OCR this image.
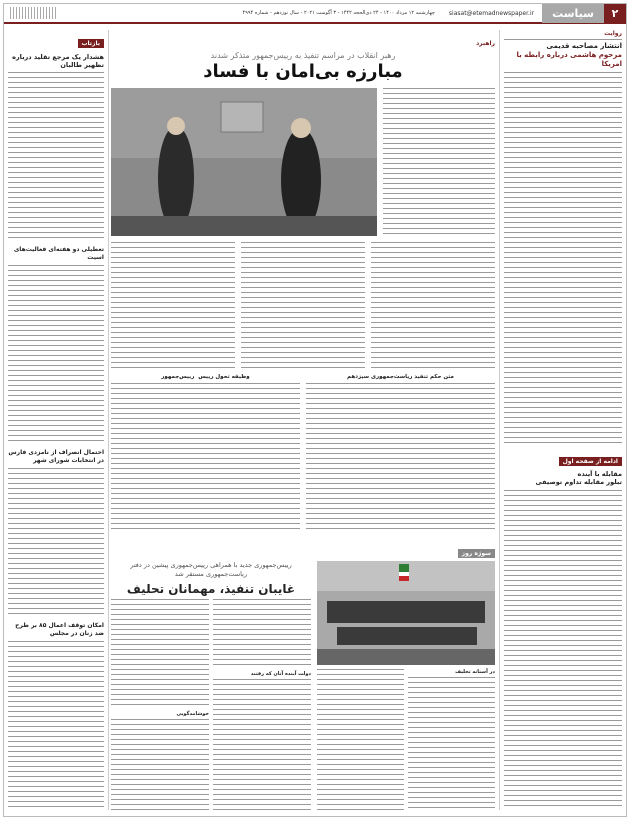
۲
سیاست
siasat@etemadnewspaper.ir
چهارشنبه ۱۲ مرداد ۱۴۰۰ - ۲۴ ذی‌الحجه ۱۴۴۲ - ۳ آگوست ۲۰۲۱ - سال نوزدهم - شماره ۴۹۹۴
روایت
انتشار مصاحبه قدیمی
مرحوم هاشمی درباره رابطه با امریکا
ادامه از صفحه اول
مقابله با آینده
تبلور مقابله تداوم توصیفی
راهبرد
رهبر انقلاب در مراسم تنفیذ به رییس‌جمهور متذکر شدند
مبارزه بی‌امان با فساد
متن حکم تنفیذ ریاست‌جمهوری سیزدهم
وظیفه تحول رییس ‌ رییس‌جمهور
بازتاب
هشدار یک مرجع تقلید درباره تظهیر طالبان
تعطیلی دو هفته‌ای فعالیت‌های اسیت
احتمال انصراف از نامزدی فارس در انتخابات شورای شهر
امکان توقف اعمال ۸۵ بر طرح ضد زنان در مجلس
سوژه روز
در آستانه تحلیف
رییس‌جمهوری جدید با همراهی رییس‌جمهوری پیشین در دفتر ریاست‌جمهوری مستقر شد
غایبان تنفیذ، مهمانان تحلیف
دولت آینده آنان که رفتند
خوشامدگویی
